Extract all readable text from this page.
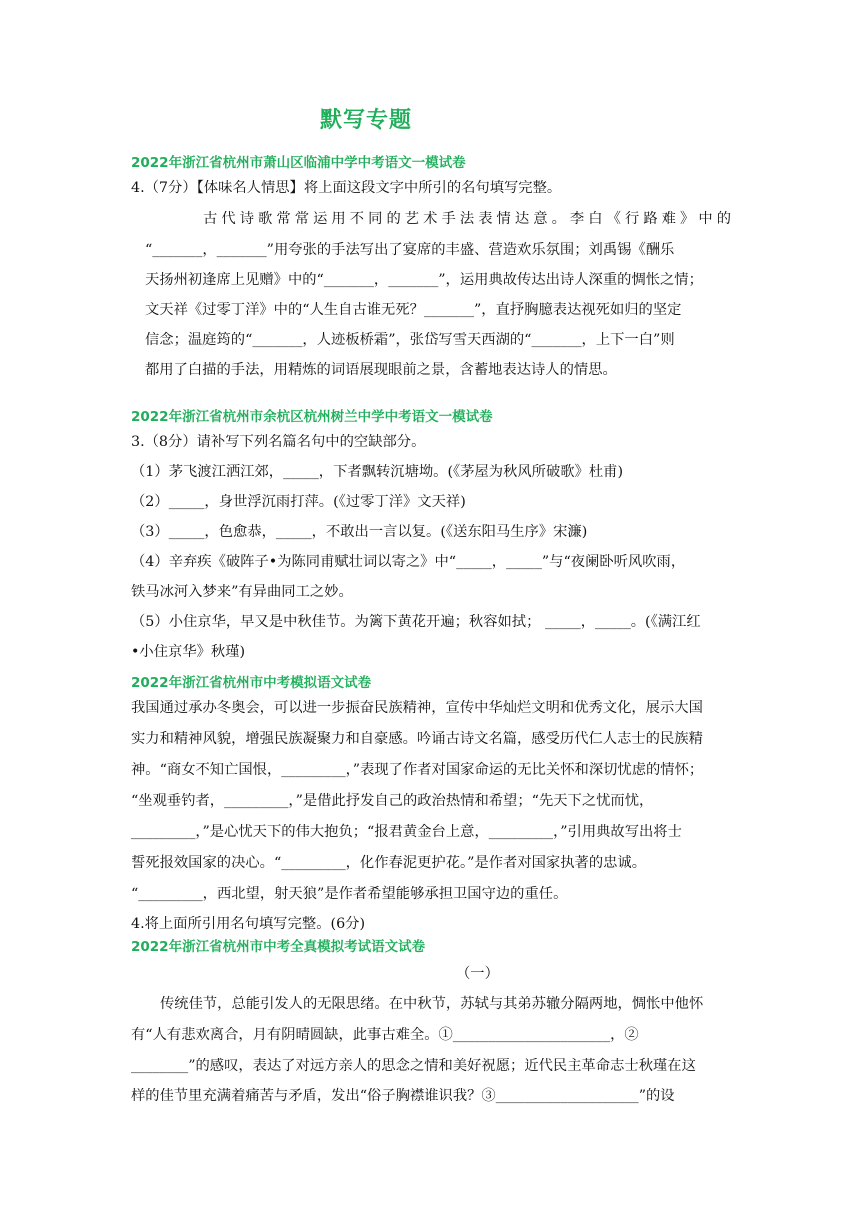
默写专题
2022年浙江省杭州市萧山区临浦中学中考语文一模试卷
4.（7分）【体味名人情思】将上面这段文字中所引的名句填写完整。
古代诗歌常常运用不同的艺术手法表情达意。李白《行路难》中的
“_______，_______”用夸张的手法写出了宴席的丰盛、营造欢乐氛围；刘禹锡《酬乐
天扬州初逢席上见赠》中的“_______，_______”，运用典故传达出诗人深重的惆怅之情；
文天祥《过零丁洋》中的“人生自古谁无死？_______”，直抒胸臆表达视死如归的坚定
信念；温庭筠的“_______，人迹板桥霜”，张岱写雪天西湖的“_______，上下一白”则
都用了白描的手法，用精炼的词语展现眼前之景，含蓄地表达诗人的情思。
2022年浙江省杭州市余杭区杭州树兰中学中考语文一模试卷
3.（8分）请补写下列名篇名句中的空缺部分。
（1）茅飞渡江洒江郊，_____，下者飘转沉塘坳。(《茅屋为秋风所破歌》杜甫)
（2）_____，身世浮沉雨打萍。(《过零丁洋》文天祥)
（3）_____，色愈恭，_____，不敢出一言以复。(《送东阳马生序》宋濂)
（4）辛弃疾《破阵子•为陈同甫赋壮词以寄之》中“_____，_____”与“夜阑卧听风吹雨，
铁马冰河入梦来”有异曲同工之妙。
（5）小住京华，早又是中秋佳节。为篱下黄花开遍；秋容如拭； _____，_____。(《满江红
•小住京华》秋瑾)
2022年浙江省杭州市中考模拟语文试卷
我国通过承办冬奥会，可以进一步振奋民族精神，宣传中华灿烂文明和优秀文化，展示大国
实力和精神风貌，增强民族凝聚力和自豪感。吟诵古诗文名篇，感受历代仁人志士的民族精
神。“商女不知亡国恨，_________，”表现了作者对国家命运的无比关怀和深切忧虑的情怀；
“坐观垂钓者，_________，”是借此抒发自己的政治热情和希望；“先天下之忧而忧，
_________，”是心忧天下的伟大抱负；“报君黄金台上意，_________，”引用典故写出将士
誓死报效国家的决心。“_________，化作春泥更护花。”是作者对国家执著的忠诚。
“_________，西北望，射天狼”是作者希望能够承担卫国守边的重任。
4.将上面所引用名句填写完整。(6分)
2022年浙江省杭州市中考全真模拟考试语文试卷
（一）
传统佳节，总能引发人的无限思绪。在中秋节，苏轼与其弟苏辙分隔两地，惆怅中他怀
有“人有悲欢离合，月有阴晴圆缺，此事古难全。①______________________，②
________”的感叹，表达了对远方亲人的思念之情和美好祝愿；近代民主革命志士秋瑾在这
样的佳节里充满着痛苦与矛盾，发出“俗子胸襟谁识我？③____________________”的设
